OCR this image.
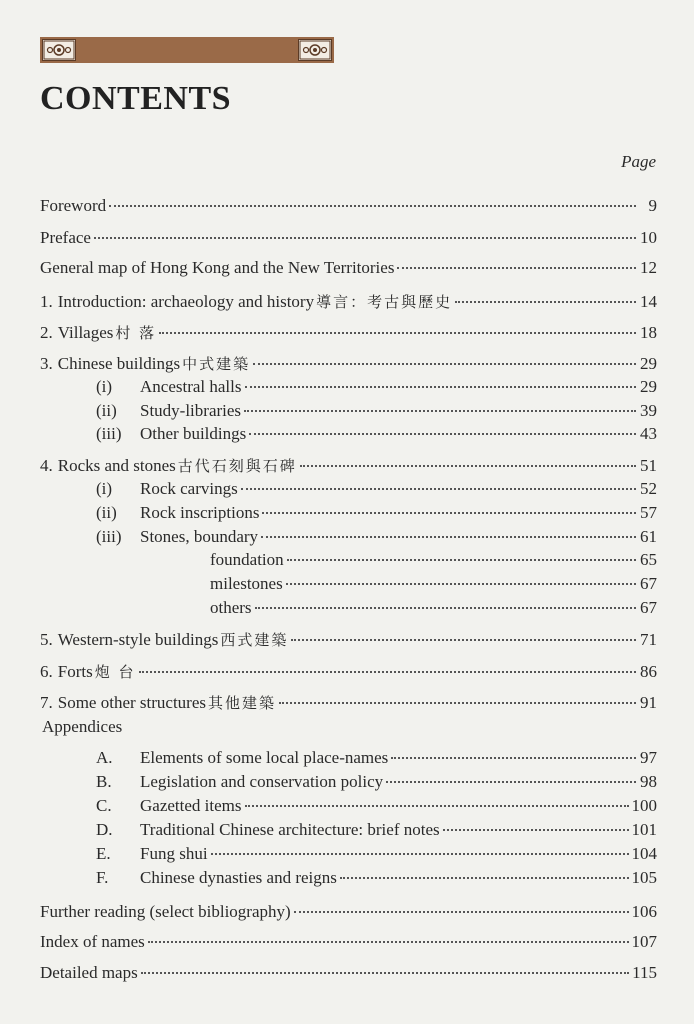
CONTENTS
Page
Foreword	9
Preface	10
General map of Hong Kong and the New Territories	12
1. Introduction: archaeology and history 導言：考古與歷史	14
2. Villages 村 落	18
3. Chinese buildings 中式建築	29
(i)	Ancestral halls	29
(ii)	Study-libraries	39
(iii)	Other buildings	43
4. Rocks and stones 古代石刻與石碑	51
(i)	Rock carvings	52
(ii)	Rock inscriptions	57
(iii)	Stones, boundary	61
foundation	65
milestones	67
others	67
5. Western-style buildings 西式建築	71
6. Forts 炮 台	86
7. Some other structures 其他建築	91
A.	Elements of some local place-names	97
B.	Legislation and conservation policy	98
C.	Gazetted items	100
D.	Traditional Chinese architecture: brief notes	101
E.	Fung shui	104
F.	Chinese dynasties and reigns	105
Further reading (select bibliography)	106
Index of names	107
Detailed maps	115
Appendices
